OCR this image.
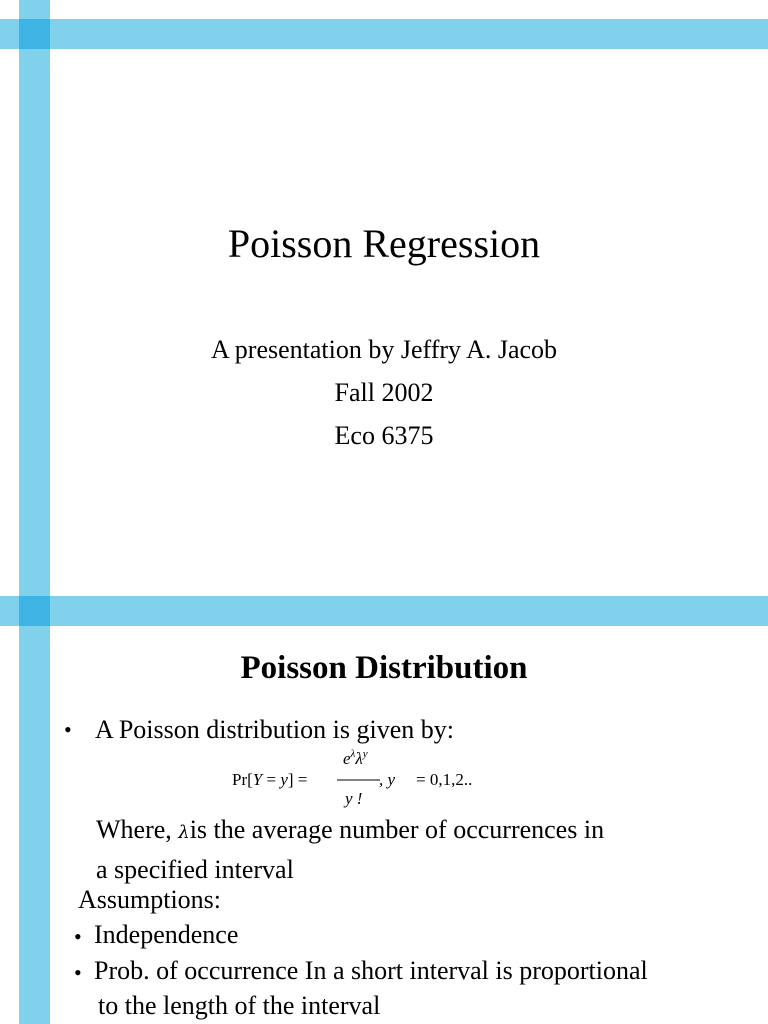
Poisson Regression
A presentation by Jeffry A. Jacob
Fall 2002
Eco 6375
Poisson Distribution
• A Poisson distribution is given by:
Pr[Y = y] =
$e^\lambda\lambda^y$
y !
, y = 0,1,2..
Where, λis the average number of occurrences in
a specified interval
Assumptions:
• Independence
• Prob. of occurrence In a short interval is proportional
to the length of the interval
